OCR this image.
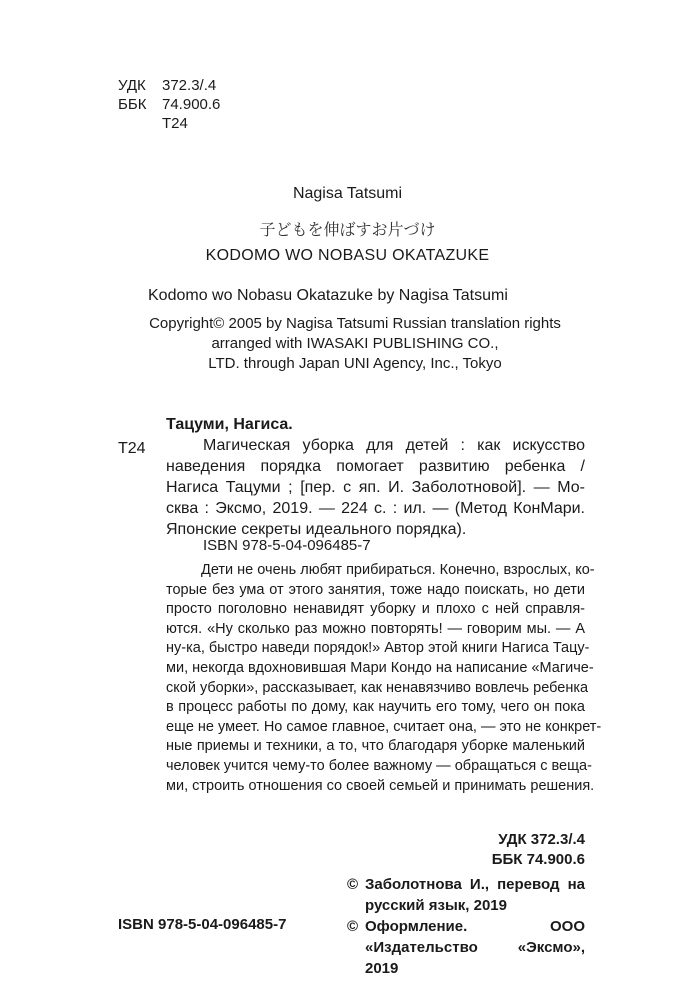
УДК	372.3/.4
ББК	74.900.6
Т24
Nagisa Tatsumi
子どもを伸ばすお片づけ
KODOMO WO NOBASU OKATAZUKE
Kodomo wo Nobasu Okatazuke by Nagisa Tatsumi
Copyright© 2005 by Nagisa Tatsumi Russian translation rights
arranged with IWASAKI PUBLISHING CO.,
LTD. through Japan UNI Agency, Inc., Tokyo
Т24
Тацуми, Нагиса.
Магическая уборка для детей : как искусство
наведения порядка помогает развитию ребенка /
Нагиса Тацуми ; [пер. с яп. И. Заболотновой]. — Мо-
сква : Эксмо, 2019. — 224 с. : ил. — (Метод КонМари.
Японские секреты идеального порядка).
ISBN 978-5-04-096485-7
Дети не очень любят прибираться. Конечно, взрослых, ко-
торые без ума от этого занятия, тоже надо поискать, но дети
просто поголовно ненавидят уборку и плохо с ней справля-
ются. «Ну сколько раз можно повторять! — говорим мы. — А
ну-ка, быстро наведи порядок!» Автор этой книги Нагиса Тацу-
ми, некогда вдохновившая Мари Кондо на написание «Магиче-
ской уборки», рассказывает, как ненавязчиво вовлечь ребенка
в процесс работы по дому, как научить его тому, чего он пока
еще не умеет. Но самое главное, считает она, — это не конкрет-
ные приемы и техники, а то, что благодаря уборке маленький
человек учится чему-то более важному — обращаться с веща-
ми, строить отношения со своей семьей и принимать решения.
УДК 372.3/.4
ББК 74.900.6
© Заболотнова И., перевод на русский язык, 2019
© Оформление. ООО «Издательство «Эксмо», 2019
ISBN 978-5-04-096485-7
